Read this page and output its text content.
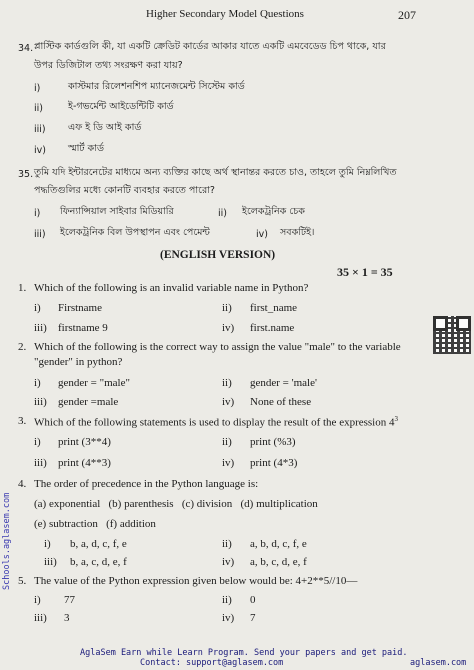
Higher Secondary Model Questions	207
34. প্লাস্টিক কার্ডগুলি কী, যা একটি ক্রেডিট কার্ডের আকার যাতে একটি এমবেডেড চিপ থাকে, যার
উপর ডিজিটাল তথ্য সংরক্ষণ করা যায়?
i)	কাস্টমার রিলেশনশিপ ম্যানেজমেন্ট সিস্টেম কার্ড
ii)	ই-গভর্মেন্ট আইডেন্টিটি কার্ড
iii) এফ ই ডি আই কার্ড
iv) স্মার্ট কার্ড
35. তুমি যদি ইন্টারনেটের মাধ্যমে অন্য ব্যক্তির কাছে অর্থ স্থানান্তর করতে চাও, তাহলে তুমি নিম্নলিখিত
পদ্ধতিগুলির মধ্যে কোনটি ব্যবহার করতে পারো?
i) ফিন্যান্সিয়াল সাইবার মিডিয়ারি	ii) ইলেকট্রনিক চেক
iii) ইলেকট্রনিক বিল উপস্থাপন এবং পেমেন্ট	iv) সবকটিই।
(ENGLISH VERSION)
35 × 1 = 35
1. Which of the following is an invalid variable name in Python?
i) Firstname	ii) first_name
iii) firstname 9	iv) first.name
2. Which of the following is the correct way to assign the value "male" to the variable
"gender" in python?
i) gender = "male"	ii) gender = 'male'
iii) gender =male	iv) None of these
3. Which of the following statements is used to display the result of the expression $4^3$
i) print (3**4)	ii) print (%3)
iii) print (4**3)	iv) print (4*3)
4. The order of precedence in the Python language is:
(a) exponential   (b) parenthesis   (c) division   (d) multiplication
(e) subtraction   (f) addition
i) b, a, d, c, f, e	ii) a, b, d, c, f, e
iii) b, a, c, d, e, f	iv) a, b, c, d, e, f
5. The value of the Python expression given below would be: 4+2**5//10—
i) 77	ii) 0
iii) 3	iv) 7
Schools.aglasem.com
AglaSem Earn while Learn Program. Send your papers and get paid.
Contact: support@aglasem.com	aglasem.com
